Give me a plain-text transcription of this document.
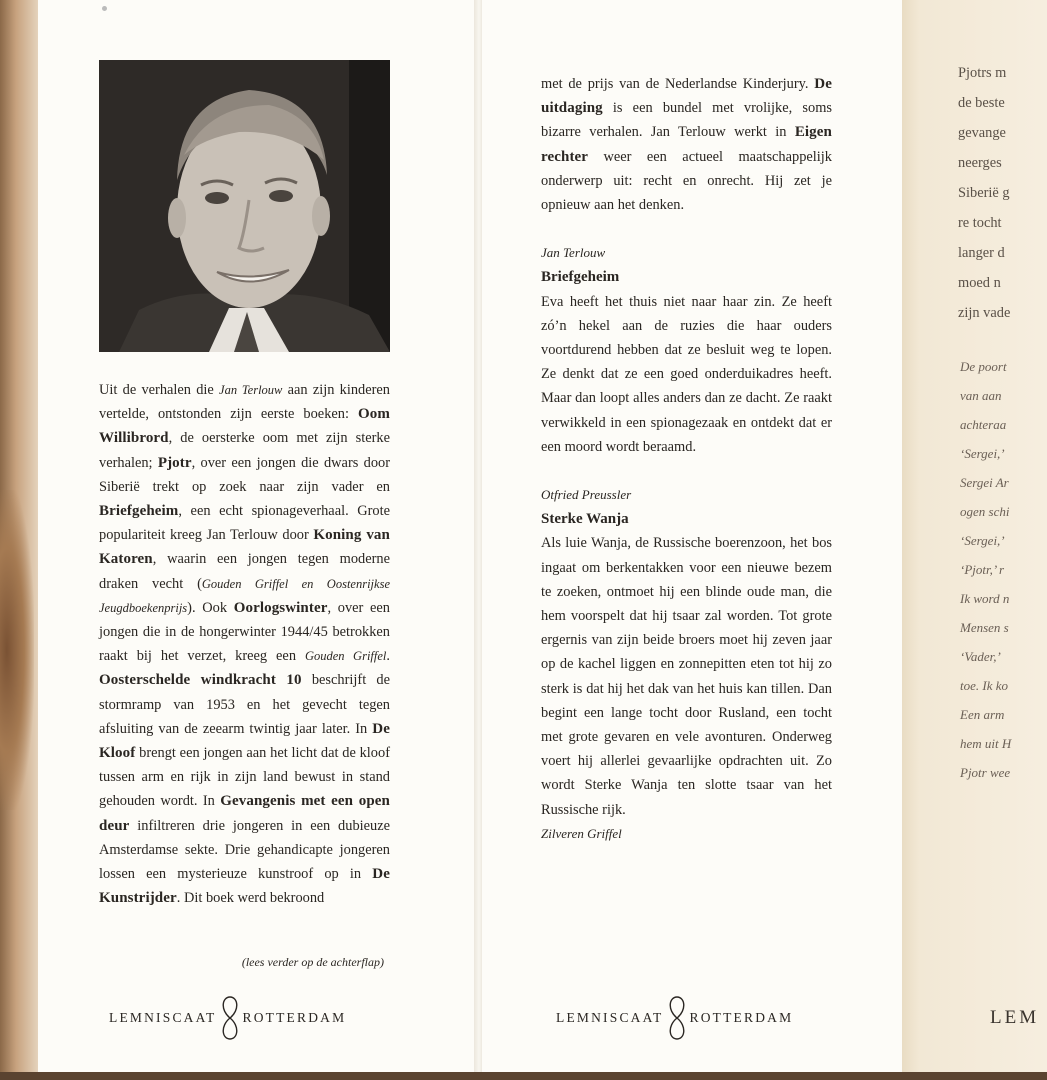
Uit de verhalen die Jan Terlouw aan zijn kinderen vertelde, ontstonden zijn eerste boeken: Oom Willibrord, de oersterke oom met zijn sterke verhalen; Pjotr, over een jongen die dwars door Siberië trekt op zoek naar zijn vader en Briefgeheim, een echt spionageverhaal. Grote populariteit kreeg Jan Terlouw door Koning van Katoren, waarin een jongen tegen moderne draken vecht (Gouden Griffel en Oostenrijkse Jeugdboekenprijs). Ook Oorlogswinter, over een jongen die in de hongerwinter 1944/45 betrokken raakt bij het verzet, kreeg een Gouden Griffel. Oosterschelde windkracht 10 beschrijft de stormramp van 1953 en het gevecht tegen afsluiting van de zeearm twintig jaar later. In De Kloof brengt een jongen aan het licht dat de kloof tussen arm en rijk in zijn land bewust in stand gehouden wordt. In Gevangenis met een open deur infiltreren drie jongeren in een dubieuze Amsterdamse sekte. Drie gehandicapte jongeren lossen een mysterieuze kunstroof op in De Kunstrijder. Dit boek werd bekroond

(lees verder op de achterflap)
LEMNISCAAT ROTTERDAM

met de prijs van de Nederlandse Kinderjury. De uitdaging is een bundel met vrolijke, soms bizarre verhalen. Jan Terlouw werkt in Eigen rechter weer een actueel maatschappelijk onderwerp uit: recht en onrecht. Hij zet je opnieuw aan het denken.

Jan Terlouw

Briefgeheim

Eva heeft het thuis niet naar haar zin. Ze heeft zó’n hekel aan de ruzies die haar ouders voortdurend hebben dat ze besluit weg te lopen. Ze denkt dat ze een goed onderduikadres heeft. Maar dan loopt alles anders dan ze dacht. Ze raakt verwikkeld in een spionagezaak en ontdekt dat er een moord wordt beraamd.

Otfried Preussler

Sterke Wanja

Als luie Wanja, de Russische boerenzoon, het bos ingaat om berkentakken voor een nieuwe bezem te zoeken, ontmoet hij een blinde oude man, die hem voorspelt dat hij tsaar zal worden. Tot grote ergernis van zijn beide broers moet hij zeven jaar op de kachel liggen en zonnepitten eten tot hij zo sterk is dat hij het dak van het huis kan tillen. Dan begint een lange tocht door Rusland, een tocht met grote gevaren en vele avonturen. Onderweg voert hij allerlei gevaarlijke opdrachten uit. Zo wordt Sterke Wanja ten slotte tsaar van het Russische rijk.

Zilveren Griffel

LEMNISCAAT ROTTERDAM
Pjotrs m
de beste
gevange
neerges
Siberië g
re tocht
langer d
moed n
zijn vade
De poort
van aan
achteraa
‘Sergei,’
Sergei Ar
ogen schi
‘Sergei,’
‘Pjotr,’ r
Ik word n
Mensen s
‘Vader,’
toe. Ik ko
Een arm
hem uit H
Pjotr wee
LEM
